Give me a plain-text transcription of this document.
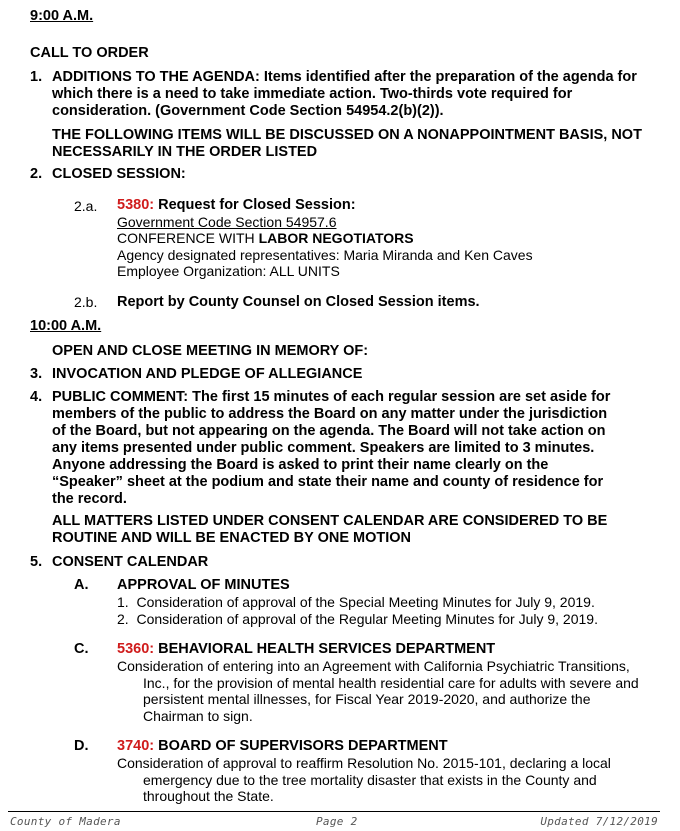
9:00 A.M.
CALL TO ORDER
1. ADDITIONS TO THE AGENDA: Items identified after the preparation of the agenda for which there is a need to take immediate action. Two-thirds vote required for consideration. (Government Code Section 54954.2(b)(2)).
THE FOLLOWING ITEMS WILL BE DISCUSSED ON A NONAPPOINTMENT BASIS, NOT NECESSARILY IN THE ORDER LISTED
2. CLOSED SESSION:
2.a. 5380: Request for Closed Session:
Government Code Section 54957.6
CONFERENCE WITH LABOR NEGOTIATORS
Agency designated representatives: Maria Miranda and Ken Caves
Employee Organization: ALL UNITS
2.b. Report by County Counsel on Closed Session items.
10:00 A.M.
OPEN AND CLOSE MEETING IN MEMORY OF:
3. INVOCATION AND PLEDGE OF ALLEGIANCE
4. PUBLIC COMMENT: The first 15 minutes of each regular session are set aside for members of the public to address the Board on any matter under the jurisdiction of the Board, but not appearing on the agenda. The Board will not take action on any items presented under public comment. Speakers are limited to 3 minutes. Anyone addressing the Board is asked to print their name clearly on the “Speaker” sheet at the podium and state their name and county of residence for the record.
ALL MATTERS LISTED UNDER CONSENT CALENDAR ARE CONSIDERED TO BE ROUTINE AND WILL BE ENACTED BY ONE MOTION
5. CONSENT CALENDAR
A. APPROVAL OF MINUTES
1. Consideration of approval of the Special Meeting Minutes for July 9, 2019.
2. Consideration of approval of the Regular Meeting Minutes for July 9, 2019.
C. 5360: BEHAVIORAL HEALTH SERVICES DEPARTMENT
Consideration of entering into an Agreement with California Psychiatric Transitions, Inc., for the provision of mental health residential care for adults with severe and persistent mental illnesses, for Fiscal Year 2019-2020, and authorize the Chairman to sign.
D. 3740: BOARD OF SUPERVISORS DEPARTMENT
Consideration of approval to reaffirm Resolution No. 2015-101, declaring a local emergency due to the tree mortality disaster that exists in the County and throughout the State.
County of Madera	Page 2	Updated 7/12/2019
